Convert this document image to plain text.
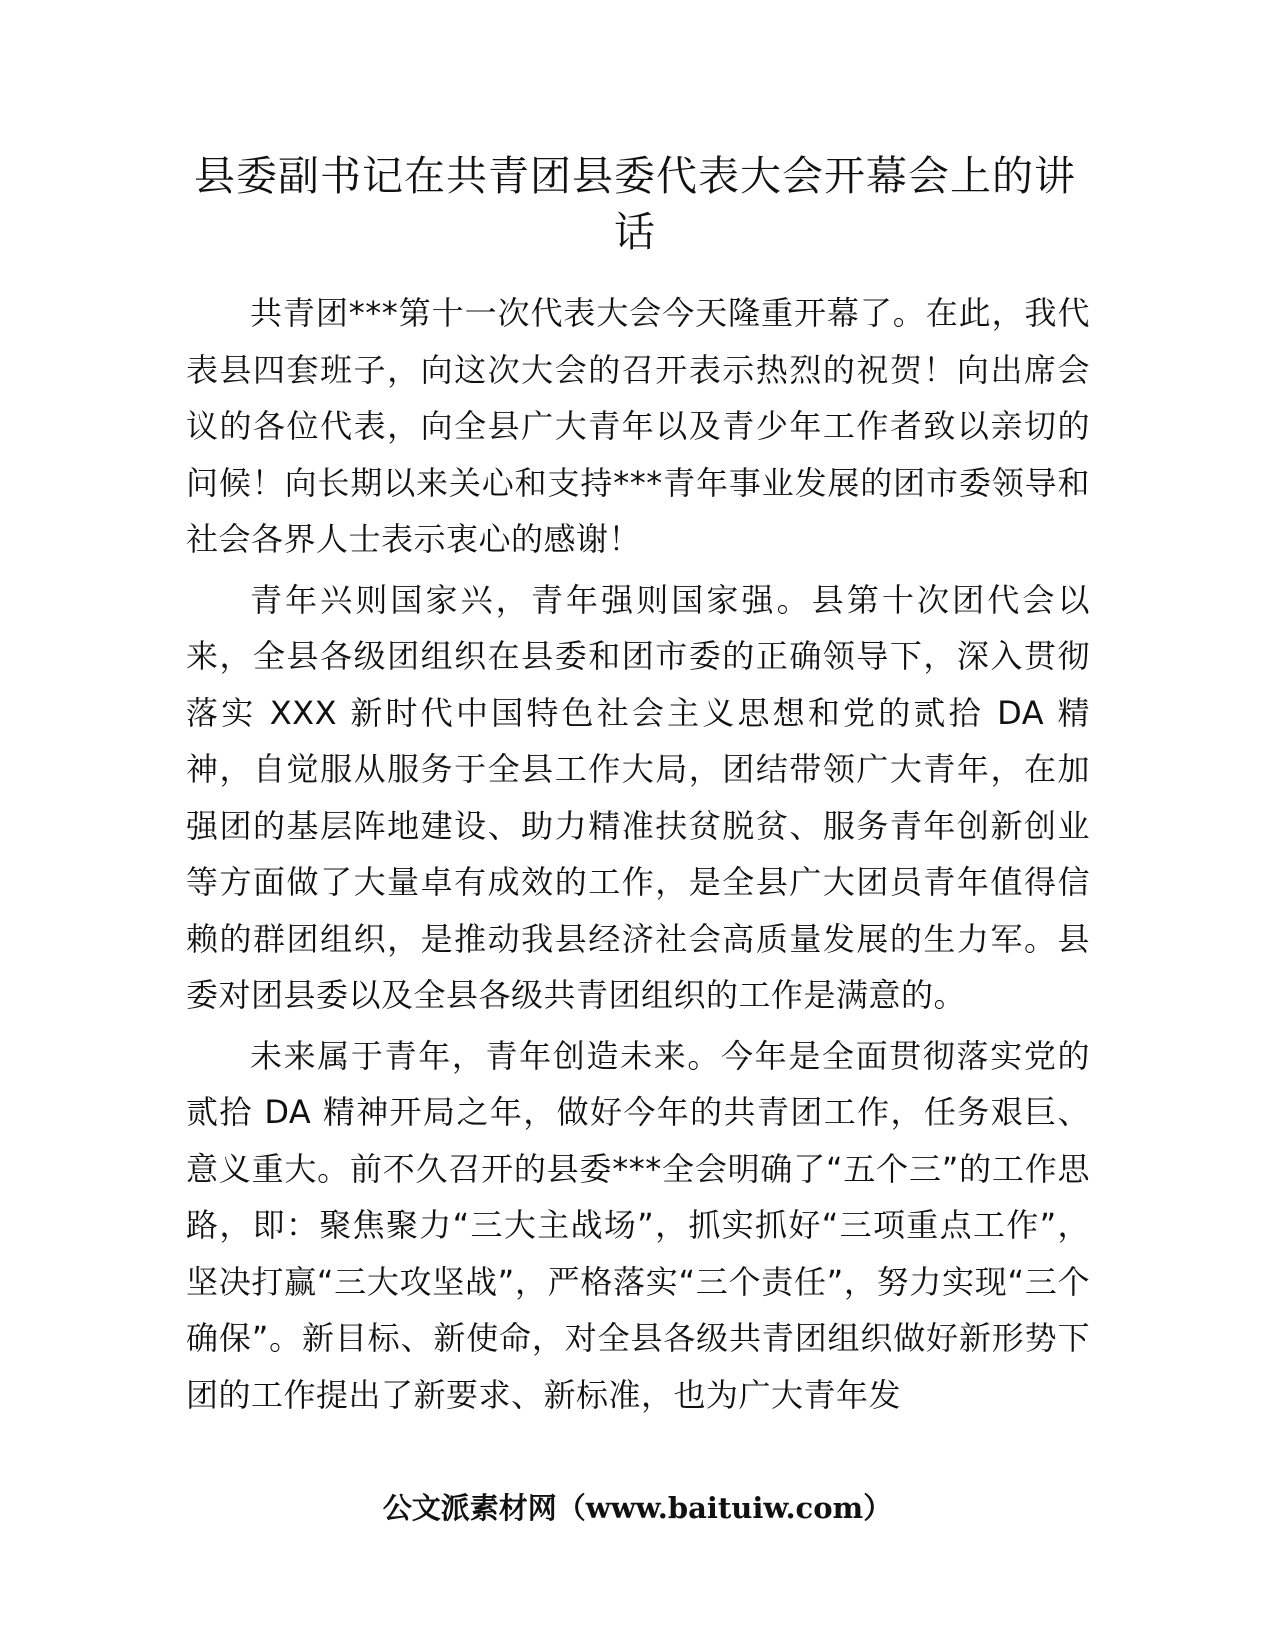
县委副书记在共青团县委代表大会开幕会上的讲话

共青团***第十一次代表大会今天隆重开幕了。在此，我代表县四套班子，向这次大会的召开表示热烈的祝贺！向出席会议的各位代表，向全县广大青年以及青少年工作者致以亲切的问候！向长期以来关心和支持***青年事业发展的团市委领导和社会各界人士表示衷心的感谢！

青年兴则国家兴，青年强则国家强。县第十次团代会以来，全县各级团组织在县委和团市委的正确领导下，深入贯彻落实 XXX 新时代中国特色社会主义思想和党的贰拾 DA 精神，自觉服从服务于全县工作大局，团结带领广大青年，在加强团的基层阵地建设、助力精准扶贫脱贫、服务青年创新创业等方面做了大量卓有成效的工作，是全县广大团员青年值得信赖的群团组织，是推动我县经济社会高质量发展的生力军。县委对团县委以及全县各级共青团组织的工作是满意的。

未来属于青年，青年创造未来。今年是全面贯彻落实党的贰拾 DA 精神开局之年，做好今年的共青团工作，任务艰巨、意义重大。前不久召开的县委***全会明确了“五个三”的工作思路，即：聚焦聚力“三大主战场”，抓实抓好“三项重点工作”，坚决打赢“三大攻坚战”，严格落实“三个责任”，努力实现“三个确保”。新目标、新使命，对全县各级共青团组织做好新形势下团的工作提出了新要求、新标准，也为广大青年发

公文派素材网（www.baituiw.com）
